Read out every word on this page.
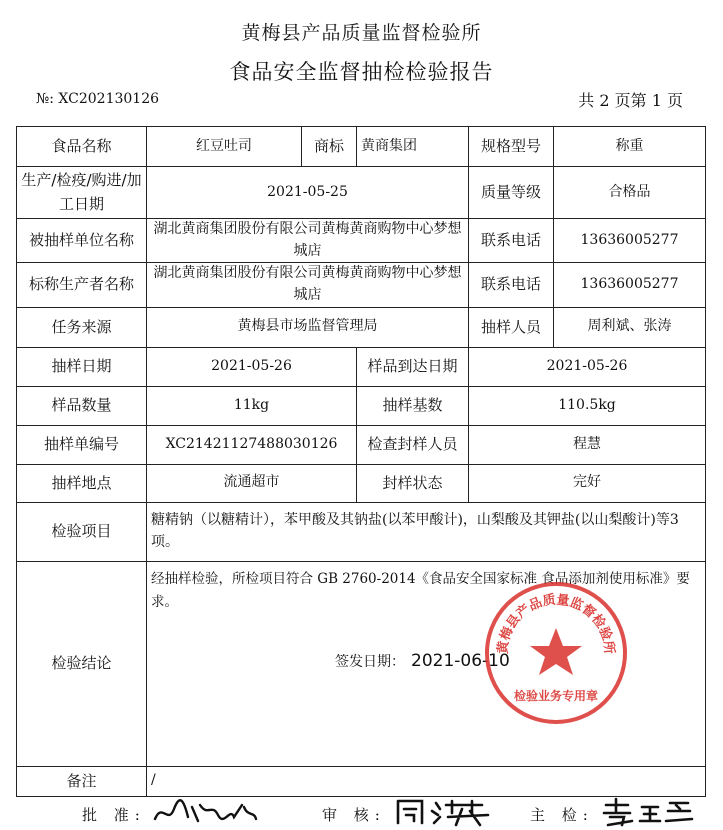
黄梅县产品质量监督检验所
食品安全监督抽检检验报告
№: XC202130126	共 2 页第 1 页
食品名称	红豆吐司	商标	黄商集团	规格型号	称重
生产/检疫/购进/加工日期	2021-05-25			质量等级	合格品
被抽样单位名称	湖北黄商集团股份有限公司黄梅黄商购物中心梦想城店			联系电话	13636005277
标称生产者名称	湖北黄商集团股份有限公司黄梅黄商购物中心梦想城店			联系电话	13636005277
任务来源	黄梅县市场监督管理局			抽样人员	周利斌、张涛
抽样日期	2021-05-26		样品到达日期	2021-05-26	
样品数量	11kg		抽样基数	110.5kg	
抽样单编号	XC21421127488030126		检查封样人员	程慧	
抽样地点	流通超市		封样状态	完好	
检验项目	糖精钠（以糖精计），苯甲酸及其钠盐(以苯甲酸计)，山梨酸及其钾盐(以山梨酸计)等3项。				
检验结论	经抽样检验，所检项目符合 GB 2760-2014《食品安全国家标准 食品添加剂使用标准》要求。
签发日期： 2021-06-10
黄梅县产品质量监督检验所
检验业务专用章				

备注	/				
批 准:	审 核:	主 检:
